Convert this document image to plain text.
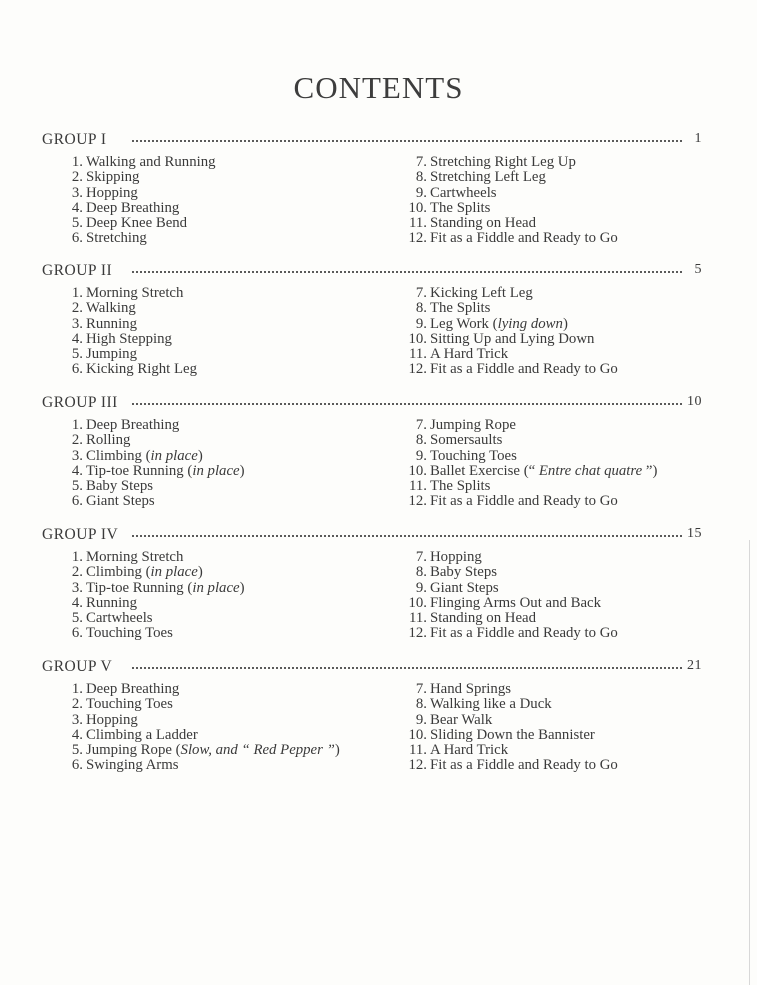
CONTENTS
GROUP I	1
1. Walking and Running
2. Skipping
3. Hopping
4. Deep Breathing
5. Deep Knee Bend
6. Stretching
7. Stretching Right Leg Up
8. Stretching Left Leg
9. Cartwheels
10. The Splits
11. Standing on Head
12. Fit as a Fiddle and Ready to Go
GROUP II	5
1. Morning Stretch
2. Walking
3. Running
4. High Stepping
5. Jumping
6. Kicking Right Leg
7. Kicking Left Leg
8. The Splits
9. Leg Work (lying down)
10. Sitting Up and Lying Down
11. A Hard Trick
12. Fit as a Fiddle and Ready to Go
GROUP III	10
1. Deep Breathing
2. Rolling
3. Climbing (in place)
4. Tip-toe Running (in place)
5. Baby Steps
6. Giant Steps
7. Jumping Rope
8. Somersaults
9. Touching Toes
10. Ballet Exercise (“ Entre chat quatre ”)
11. The Splits
12. Fit as a Fiddle and Ready to Go
GROUP IV	15
1. Morning Stretch
2. Climbing (in place)
3. Tip-toe Running (in place)
4. Running
5. Cartwheels
6. Touching Toes
7. Hopping
8. Baby Steps
9. Giant Steps
10. Flinging Arms Out and Back
11. Standing on Head
12. Fit as a Fiddle and Ready to Go
GROUP V	21
1. Deep Breathing
2. Touching Toes
3. Hopping
4. Climbing a Ladder
5. Jumping Rope (Slow, and “ Red Pepper ”)
6. Swinging Arms
7. Hand Springs
8. Walking like a Duck
9. Bear Walk
10. Sliding Down the Bannister
11. A Hard Trick
12. Fit as a Fiddle and Ready to Go
